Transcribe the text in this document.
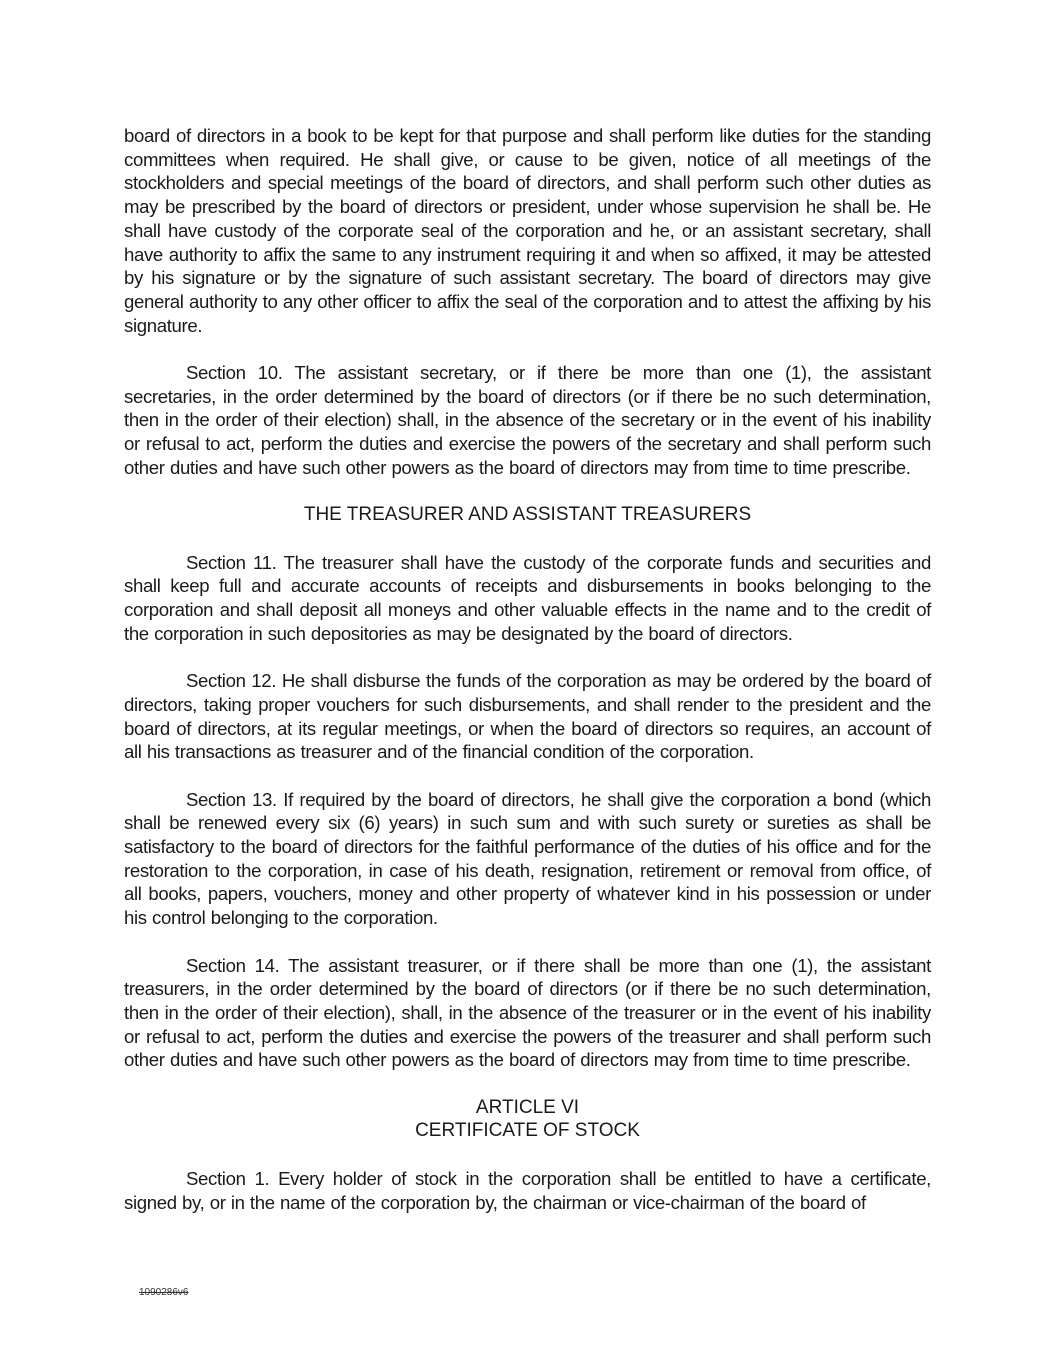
board of directors in a book to be kept for that purpose and shall perform like duties for the standing committees when required. He shall give, or cause to be given, notice of all meetings of the stockholders and special meetings of the board of directors, and shall perform such other duties as may be prescribed by the board of directors or president, under whose supervision he shall be. He shall have custody of the corporate seal of the corporation and he, or an assistant secretary, shall have authority to affix the same to any instrument requiring it and when so affixed, it may be attested by his signature or by the signature of such assistant secretary. The board of directors may give general authority to any other officer to affix the seal of the corporation and to attest the affixing by his signature.

Section 10. The assistant secretary, or if there be more than one (1), the assistant secretaries, in the order determined by the board of directors (or if there be no such determination, then in the order of their election) shall, in the absence of the secretary or in the event of his inability or refusal to act, perform the duties and exercise the powers of the secretary and shall perform such other duties and have such other powers as the board of directors may from time to time prescribe.

THE TREASURER AND ASSISTANT TREASURERS

Section 11. The treasurer shall have the custody of the corporate funds and securities and shall keep full and accurate accounts of receipts and disbursements in books belonging to the corporation and shall deposit all moneys and other valuable effects in the name and to the credit of the corporation in such depositories as may be designated by the board of directors.

Section 12. He shall disburse the funds of the corporation as may be ordered by the board of directors, taking proper vouchers for such disbursements, and shall render to the president and the board of directors, at its regular meetings, or when the board of directors so requires, an account of all his transactions as treasurer and of the financial condition of the corporation.

Section 13. If required by the board of directors, he shall give the corporation a bond (which shall be renewed every six (6) years) in such sum and with such surety or sureties as shall be satisfactory to the board of directors for the faithful performance of the duties of his office and for the restoration to the corporation, in case of his death, resignation, retirement or removal from office, of all books, papers, vouchers, money and other property of whatever kind in his possession or under his control belonging to the corporation.

Section 14. The assistant treasurer, or if there shall be more than one (1), the assistant treasurers, in the order determined by the board of directors (or if there be no such determination, then in the order of their election), shall, in the absence of the treasurer or in the event of his inability or refusal to act, perform the duties and exercise the powers of the treasurer and shall perform such other duties and have such other powers as the board of directors may from time to time prescribe.

ARTICLE VI

CERTIFICATE OF STOCK

Section 1. Every holder of stock in the corporation shall be entitled to have a certificate, signed by, or in the name of the corporation by, the chairman or vice-chairman of the board of

1090286v6
